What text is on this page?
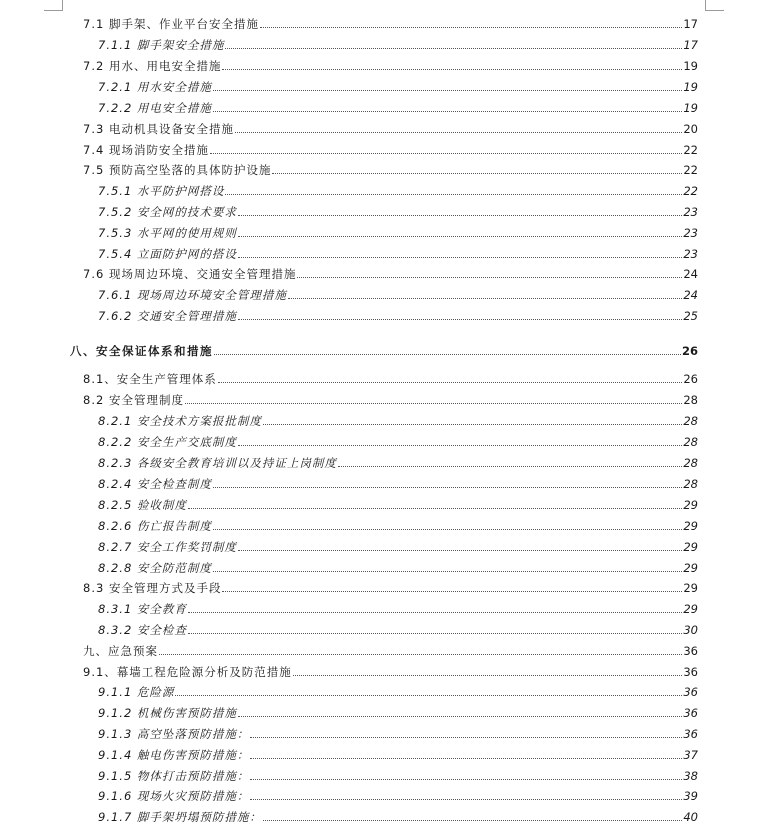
7.1 脚手架、作业平台安全措施	17
7.1.1 脚手架安全措施	17
7.2 用水、用电安全措施	19
7.2.1 用水安全措施	19
7.2.2 用电安全措施	19
7.3 电动机具设备安全措施	20
7.4 现场消防安全措施	22
7.5 预防高空坠落的具体防护设施	22
7.5.1 水平防护网搭设	22
7.5.2 安全网的技术要求	23
7.5.3 水平网的使用规则	23
7.5.4 立面防护网的搭设	23
7.6 现场周边环境、交通安全管理措施	24
7.6.1 现场周边环境安全管理措施	24
7.6.2 交通安全管理措施	25
八、安全保证体系和措施	26
8.1、安全生产管理体系	26
8.2 安全管理制度	28
8.2.1 安全技术方案报批制度	28
8.2.2 安全生产交底制度	28
8.2.3 各级安全教育培训以及持证上岗制度	28
8.2.4 安全检查制度	28
8.2.5 验收制度	29
8.2.6 伤亡报告制度	29
8.2.7 安全工作奖罚制度	29
8.2.8 安全防范制度	29
8.3 安全管理方式及手段	29
8.3.1 安全教育	29
8.3.2 安全检查	30
九、应急预案	36
9.1、幕墙工程危险源分析及防范措施	36
9.1.1 危险源	36
9.1.2 机械伤害预防措施	36
9.1.3 高空坠落预防措施：	36
9.1.4 触电伤害预防措施：	37
9.1.5 物体打击预防措施：	38
9.1.6 现场火灾预防措施：	39
9.1.7 脚手架坍塌预防措施：	40
